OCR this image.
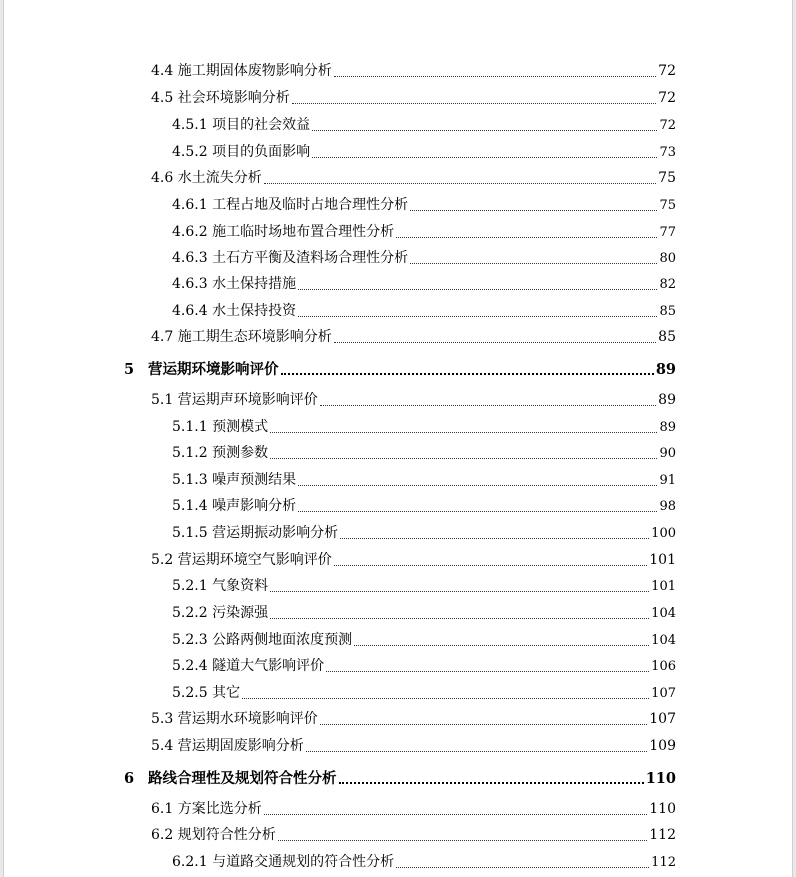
4.4 施工期固体废物影响分析	72
4.5 社会环境影响分析	72
4.5.1 项目的社会效益	72
4.5.2 项目的负面影响	73
4.6 水土流失分析	75
4.6.1 工程占地及临时占地合理性分析	75
4.6.2 施工临时场地布置合理性分析	77
4.6.3 土石方平衡及渣料场合理性分析	80
4.6.3 水土保持措施	82
4.6.4 水土保持投资	85
4.7 施工期生态环境影响分析	85
5 营运期环境影响评价	89
5.1 营运期声环境影响评价	89
5.1.1 预测模式	89
5.1.2 预测参数	90
5.1.3 噪声预测结果	91
5.1.4 噪声影响分析	98
5.1.5 营运期振动影响分析	100
5.2 营运期环境空气影响评价	101
5.2.1 气象资料	101
5.2.2 污染源强	104
5.2.3 公路两侧地面浓度预测	104
5.2.4 隧道大气影响评价	106
5.2.5 其它	107
5.3 营运期水环境影响评价	107
5.4 营运期固废影响分析	109
6 路线合理性及规划符合性分析	110
6.1 方案比选分析	110
6.2 规划符合性分析	112
6.2.1 与道路交通规划的符合性分析	112
